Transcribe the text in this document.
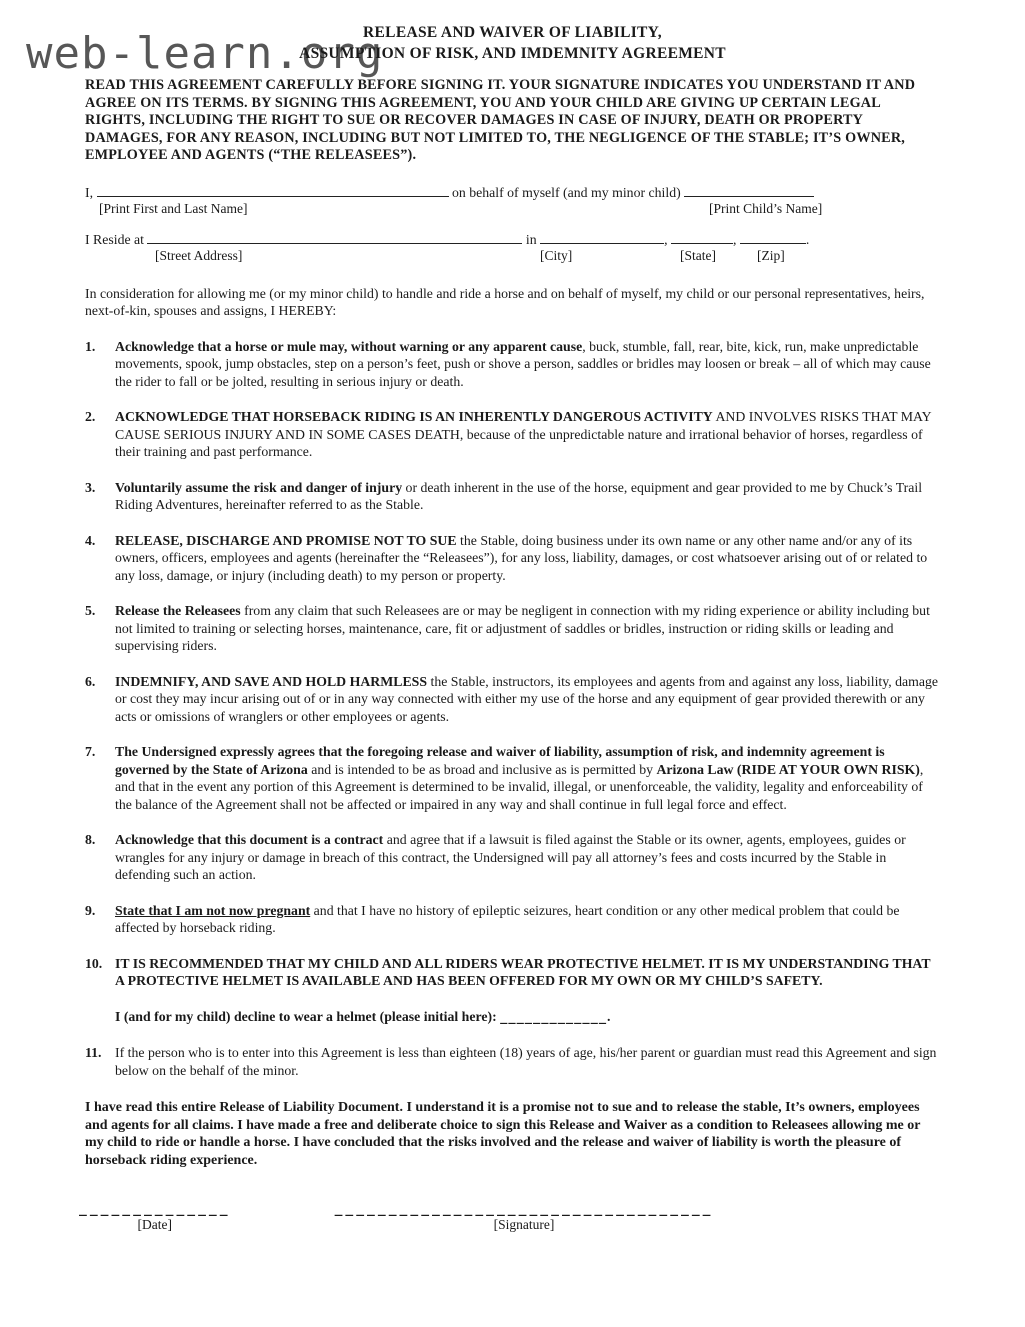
web-learn.org
RELEASE AND WAIVER OF LIABILITY,
ASSUMPTION OF RISK, AND IMDEMNITY AGREEMENT

READ THIS AGREEMENT CAREFULLY BEFORE SIGNING IT. YOUR SIGNATURE INDICATES YOU UNDERSTAND IT AND AGREE ON ITS TERMS. BY SIGNING THIS AGREEMENT, YOU AND YOUR CHILD ARE GIVING UP CERTAIN LEGAL RIGHTS, INCLUDING THE RIGHT TO SUE OR RECOVER DAMAGES IN CASE OF INJURY, DEATH OR PROPERTY DAMAGES, FOR ANY REASON, INCLUDING BUT NOT LIMITED TO, THE NEGLIGENCE OF THE STABLE; IT’S OWNER, EMPLOYEE AND AGENTS (“THE RELEASEES”).

I,	on behalf of myself (and my minor child)
[Print First and Last Name]	[Print Child’s Name]
I Reside at	in	,	,	.
[Street Address]	[City]	[State]	[Zip]

In consideration for allowing me (or my minor child) to handle and ride a horse and on behalf of myself, my child or our personal representatives, heirs, next-of-kin, spouses and assigns, I HEREBY:

1.	Acknowledge that a horse or mule may, without warning or any apparent cause, buck, stumble, fall, rear, bite, kick, run, make unpredictable movements, spook, jump obstacles, step on a person’s feet, push or shove a person, saddles or bridles may loosen or break – all of which may cause the rider to fall or be jolted, resulting in serious injury or death.
2.	ACKNOWLEDGE THAT HORSEBACK RIDING IS AN INHERENTLY DANGEROUS ACTIVITY AND INVOLVES RISKS THAT MAY CAUSE SERIOUS INJURY AND IN SOME CASES DEATH, because of the unpredictable nature and irrational behavior of horses, regardless of their training and past performance.
3.	Voluntarily assume the risk and danger of injury or death inherent in the use of the horse, equipment and gear provided to me by Chuck’s Trail Riding Adventures, hereinafter referred to as the Stable.
4.	RELEASE, DISCHARGE AND PROMISE NOT TO SUE the Stable, doing business under its own name or any other name and/or any of its owners, officers, employees and agents (hereinafter the “Releasees”), for any loss, liability, damages, or cost whatsoever arising out of or related to any loss, damage, or injury (including death) to my person or property.
5.	Release the Releasees from any claim that such Releasees are or may be negligent in connection with my riding experience or ability including but not limited to training or selecting horses, maintenance, care, fit or adjustment of saddles or bridles, instruction or riding skills or leading and supervising riders.
6.	INDEMNIFY, AND SAVE AND HOLD HARMLESS the Stable, instructors, its employees and agents from and against any loss, liability, damage or cost they may incur arising out of or in any way connected with either my use of the horse and any equipment of gear provided therewith or any acts or omissions of wranglers or other employees or agents.
7.	The Undersigned expressly agrees that the foregoing release and waiver of liability, assumption of risk, and indemnity agreement is governed by the State of Arizona and is intended to be as broad and inclusive as is permitted by Arizona Law (RIDE AT YOUR OWN RISK), and that in the event any portion of this Agreement is determined to be invalid, illegal, or unenforceable, the validity, legality and enforceability of the balance of the Agreement shall not be affected or impaired in any way and shall continue in full legal force and effect.
8.	Acknowledge that this document is a contract and agree that if a lawsuit is filed against the Stable or its owner, agents, employees, guides or wrangles for any injury or damage in breach of this contract, the Undersigned will pay all attorney’s fees and costs incurred by the Stable in defending such an action.
9.	State that I am not now pregnant and that I have no history of epileptic seizures, heart condition or any other medical problem that could be affected by horseback riding.
10. IT IS RECOMMENDED THAT MY CHILD AND ALL RIDERS WEAR PROTECTIVE HELMET. IT IS MY UNDERSTANDING THAT A PROTECTIVE HELMET IS AVAILABLE AND HAS BEEN OFFERED FOR MY OWN OR MY CHILD’S SAFETY.
I (and for my child) decline to wear a helmet (please initial here): _____________.
11. If the person who is to enter into this Agreement is less than eighteen (18) years of age, his/her parent or guardian must read this Agreement and sign below on the behalf of the minor.

I have read this entire Release of Liability Document. I understand it is a promise not to sue and to release the stable, It’s owners, employees and agents for all claims. I have made a free and deliberate choice to sign this Release and Waiver as a condition to Releasees allowing me or my child to ride or handle a horse. I have concluded that the risks involved and the release and waiver of liability is worth the pleasure of horseback riding experience.

______________
[Date]
___________________________________
[Signature]
